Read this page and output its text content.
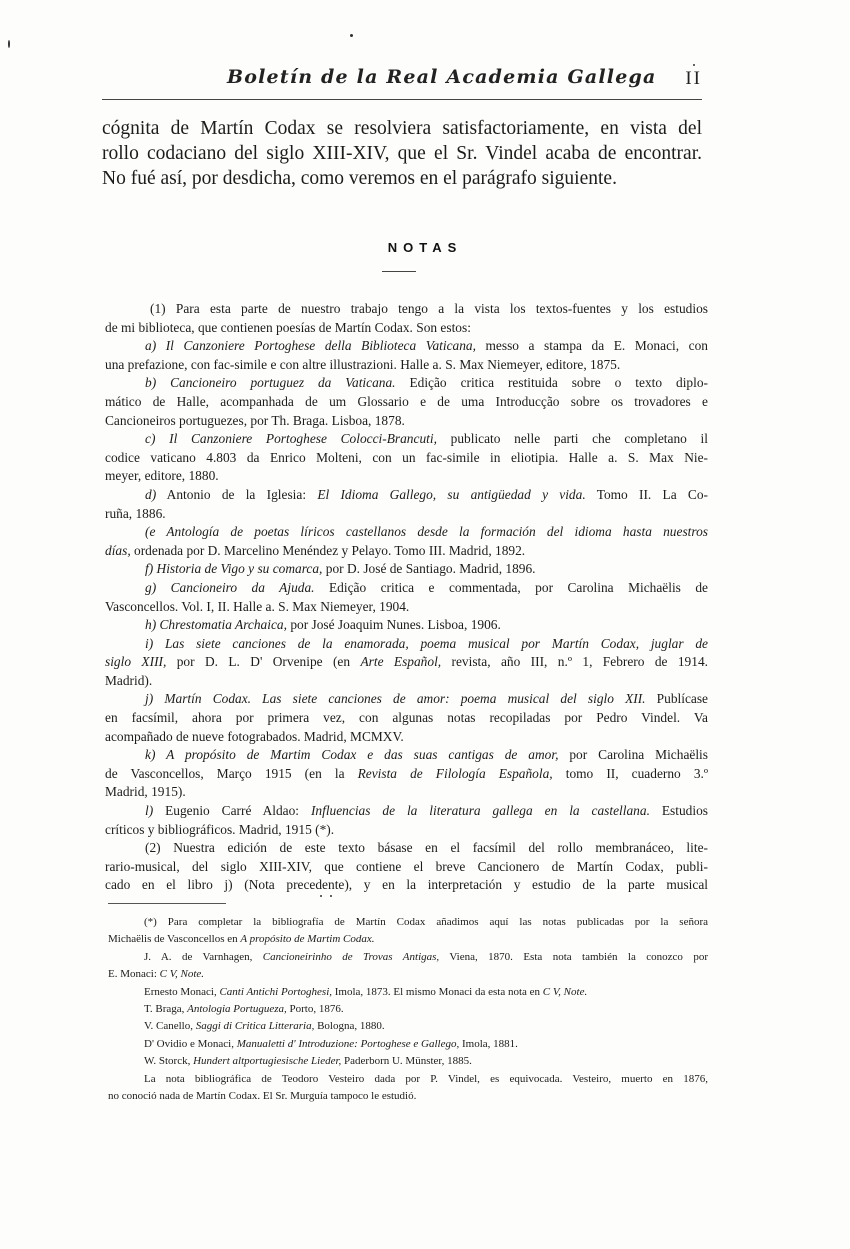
Boletín de la Real Academia Gallega II
cógnita de Martín Codax se resolviera satisfactoriamente, en vista del
rollo codaciano del siglo XIII-XIV, que el Sr. Vindel acaba de encontrar.
No fué así, por desdicha, como veremos en el parágrafo siguiente.
NOTAS
(1) Para esta parte de nuestro trabajo tengo a la vista los textos-fuentes y los estudios
de mi biblioteca, que contienen poesías de Martín Codax. Son estos:
a) Il Canzoniere Portoghese della Biblioteca Vaticana, messo a stampa da E. Monaci, con
una prefazione, con fac-simile e con altre illustrazioni. Halle a. S. Max Niemeyer, editore, 1875.
b) Cancioneiro portuguez da Vaticana. Edição critica restituida sobre o texto diplo-
mático de Halle, acompanhada de um Glossario e de uma Introducção sobre os trovadores e
Cancioneiros portuguezes, por Th. Braga. Lisboa, 1878.
c) Il Canzoniere Portoghese Colocci-Brancuti, publicato nelle parti che completano il
codice vaticano 4.803 da Enrico Molteni, con un fac-simile in eliotipia. Halle a. S. Max Nie-
meyer, editore, 1880.
d) Antonio de la Iglesia: El Idioma Gallego, su antigüedad y vida. Tomo II. La Co-
ruña, 1886.
(e Antología de poetas líricos castellanos desde la formación del idioma hasta nuestros
días, ordenada por D. Marcelino Menéndez y Pelayo. Tomo III. Madrid, 1892.
f) Historia de Vigo y su comarca, por D. José de Santiago. Madrid, 1896.
g) Cancioneiro da Ajuda. Edição critica e commentada, por Carolina Michaëlis de
Vasconcellos. Vol. I, II. Halle a. S. Max Niemeyer, 1904.
h) Chrestomatia Archaica, por José Joaquim Nunes. Lisboa, 1906.
i) Las siete canciones de la enamorada, poema musical por Martín Codax, juglar de
siglo XIII, por D. L. D' Orvenipe (en Arte Español, revista, año III, n.º 1, Febrero de 1914.
Madrid).
j) Martín Codax. Las siete canciones de amor: poema musical del siglo XII. Publícase
en facsímil, ahora por primera vez, con algunas notas recopiladas por Pedro Vindel. Va
acompañado de nueve fotograbados. Madrid, MCMXV.
k) A propósito de Martim Codax e das suas cantigas de amor, por Carolina Michaëlis
de Vasconcellos, Março 1915 (en la Revista de Filología Española, tomo II, cuaderno 3.º
Madrid, 1915).
l) Eugenio Carré Aldao: Influencias de la literatura gallega en la castellana. Estudios
críticos y bibliográficos. Madrid, 1915 (*).
(2) Nuestra edición de este texto básase en el facsímil del rollo membranáceo, lite-
rario-musical, del siglo XIII-XIV, que contiene el breve Cancionero de Martín Codax, publi-
cado en el libro j) (Nota precedente), y en la interpretación y estudio de la parte musical
(*) Para completar la bibliografía de Martín Codax añadimos aquí las notas publicadas por la señora
Michaëlis de Vasconcellos en A propósito de Martim Codax.
J. A. de Varnhagen, Cancioneirinho de Trovas Antigas, Viena, 1870. Esta nota también la conozco por
E. Monaci: C V, Note.
Ernesto Monaci, Canti Antichi Portoghesi, Imola, 1873. El mismo Monaci da esta nota en C V, Note.
T. Braga, Antologia Portugueza, Porto, 1876.
V. Canello, Saggi di Critica Litteraria, Bologna, 1880.
D' Ovidio e Monaci, Manualetti d' Introduzione: Portoghese e Gallego, Imola, 1881.
W. Storck, Hundert altportugiesische Lieder, Paderborn U. Münster, 1885.
La nota bibliográfica de Teodoro Vesteiro dada por P. Vindel, es equivocada. Vesteiro, muerto en 1876,
no conoció nada de Martín Codax. El Sr. Murguía tampoco le estudió.
